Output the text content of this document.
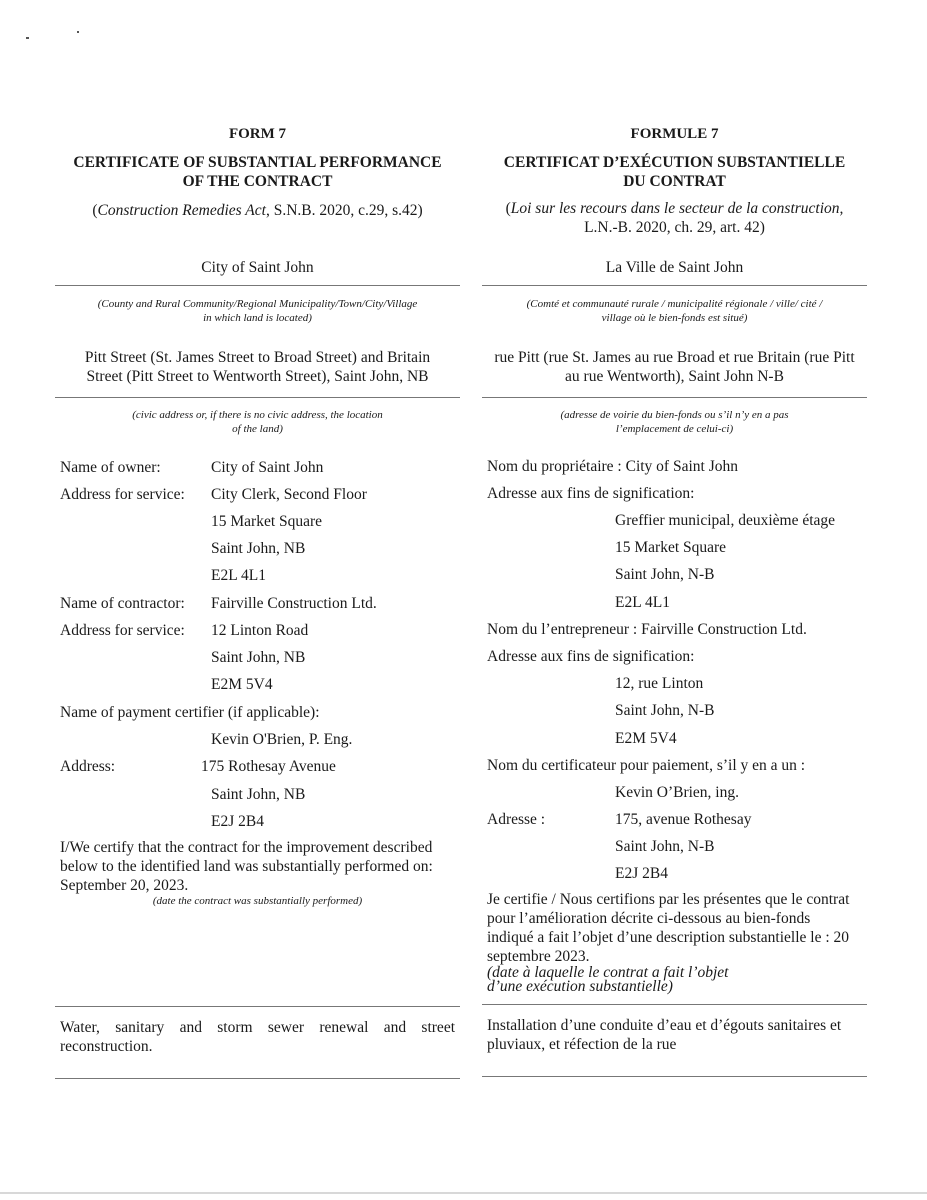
FORM 7
CERTIFICATE OF SUBSTANTIAL PERFORMANCE
OF THE CONTRACT
(Construction Remedies Act, S.N.B. 2020, c.29, s.42)
City of Saint John
(County and Rural Community/Regional Municipality/Town/City/Village
in which land is located)
Pitt Street (St. James Street to Broad Street) and Britain
Street (Pitt Street to Wentworth Street), Saint John, NB
(civic address or, if there is no civic address, the location
of the land)
Name of owner:	City of Saint John
Address for service: City Clerk, Second Floor
15 Market Square
Saint John, NB
E2L 4L1
Name of contractor: Fairville Construction Ltd.
Address for service: 12 Linton Road
Saint John, NB
E2M 5V4
Name of payment certifier (if applicable):
Kevin O'Brien, P. Eng.
Address:	175 Rothesay Avenue
Saint John, NB
E2J 2B4
I/We certify that the contract for the improvement described
below to the identified land was substantially performed on:
September 20, 2023.
(date the contract was substantially performed)
Water, sanitary and storm sewer renewal and street reconstruction.
FORMULE 7
CERTIFICAT D’EXÉCUTION SUBSTANTIELLE
DU CONTRAT
(Loi sur les recours dans le secteur de la construction,
L.N.-B. 2020, ch. 29, art. 42)
La Ville de Saint John
(Comté et communauté rurale / municipalité régionale / ville/ cité /
village où le bien-fonds est situé)
rue Pitt (rue St. James au rue Broad et rue Britain (rue Pitt
au rue Wentworth), Saint John N-B
(adresse de voirie du bien-fonds ou s’il n’y en a pas
l’emplacement de celui-ci)
Nom du propriétaire : City of Saint John
Adresse aux fins de signification:
Greffier municipal, deuxième étage
15 Market Square
Saint John, N-B
E2L 4L1
Nom du l’entrepreneur : Fairville Construction Ltd.
Adresse aux fins de signification:
12, rue Linton
Saint John, N-B
E2M 5V4
Nom du certificateur pour paiement, s’il y en a un :
Kevin O’Brien, ing.
Adresse :	175, avenue Rothesay
Saint John, N-B
E2J 2B4
Je certifie / Nous certifions par les présentes que le contrat
pour l’amélioration décrite ci-dessous au bien-fonds
indiqué a fait l’objet d’une description substantielle le : 20
septembre 2023.
(date à laquelle le contrat a fait l’objet
d’une exécution substantielle)
Installation d’une conduite d’eau et d’égouts sanitaires et
pluviaux, et réfection de la rue
